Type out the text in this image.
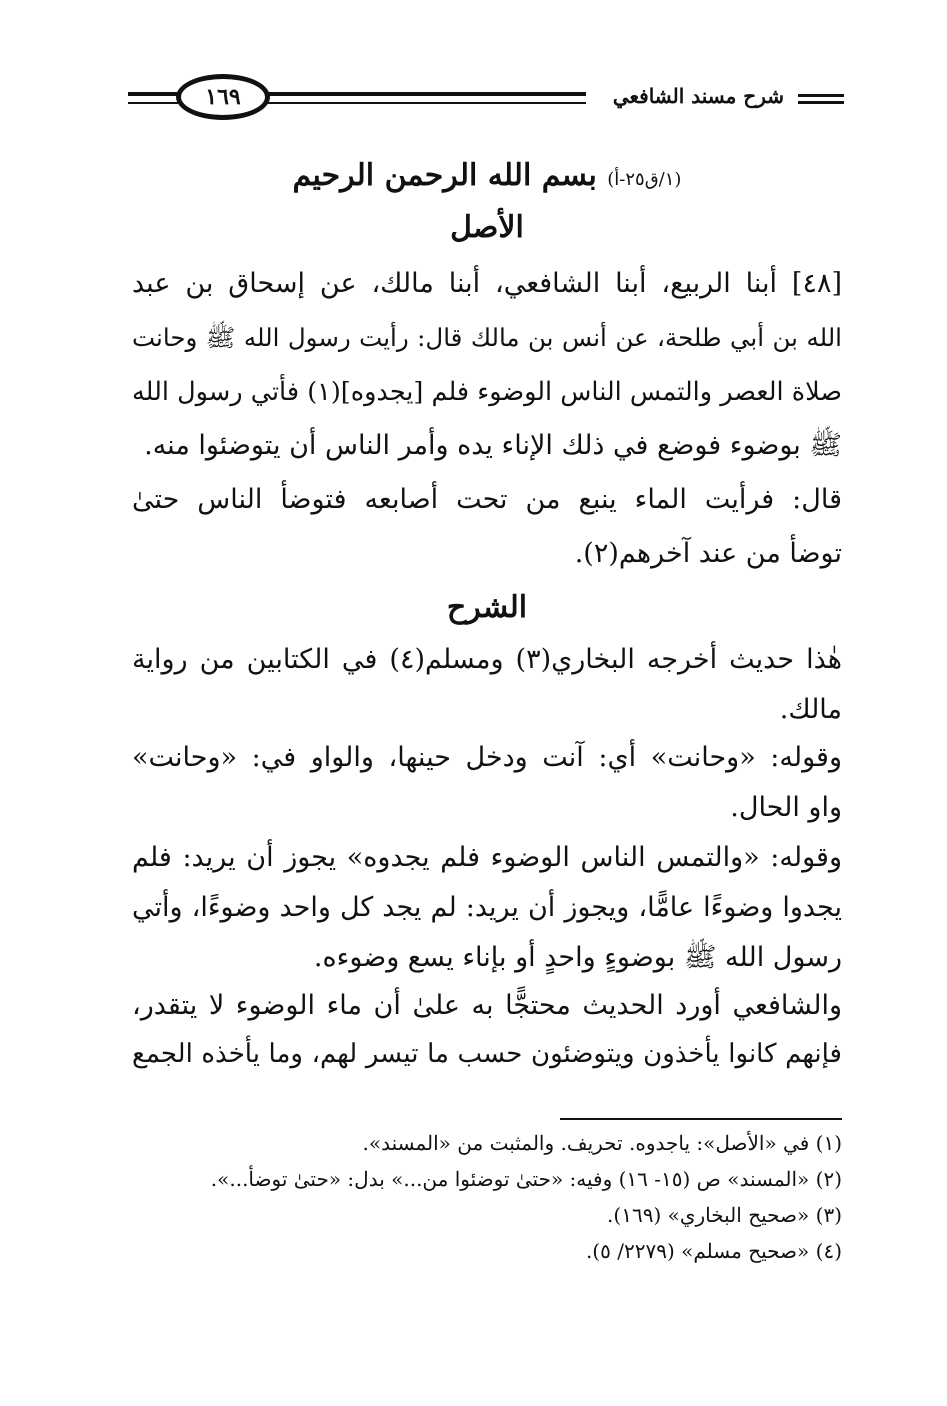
شرح مسند الشافعي
١٦٩
(١/ق٢٥-أ) بسم الله الرحمن الرحيم
الأصل
[٤٨] أبنا الربيع، أبنا الشافعي، أبنا مالك، عن إسحاق بن عبد
الله بن أبي طلحة، عن أنس بن مالك قال: رأيت رسول الله ﷺ وحانت
صلاة العصر والتمس الناس الوضوء فلم [يجدوه](١) فأتي رسول الله
ﷺ بوضوء فوضع في ذلك الإناء يده وأمر الناس أن يتوضئوا منه.
قال: فرأيت الماء ينبع من تحت أصابعه فتوضأ الناس حتىٰ
توضأ من عند آخرهم(٢).
الشرح
هٰذا حديث أخرجه البخاري(٣) ومسلم(٤) في الكتابين من رواية
مالك.
وقوله: «وحانت» أي: آنت ودخل حينها، والواو في: «وحانت»
واو الحال.
وقوله: «والتمس الناس الوضوء فلم يجدوه» يجوز أن يريد: فلم
يجدوا وضوءًا عامًّا، ويجوز أن يريد: لم يجد كل واحد وضوءًا، وأتي
رسول الله ﷺ بوضوءٍ واحدٍ أو بإناء يسع وضوءه.
والشافعي أورد الحديث محتجًّا به علىٰ أن ماء الوضوء لا يتقدر،
فإنهم كانوا يأخذون ويتوضئون حسب ما تيسر لهم، وما يأخذه الجمع
(١) في «الأصل»: ياجدوه. تحريف. والمثبت من «المسند».
(٢) «المسند» ص (١٥- ١٦) وفيه: «حتىٰ توضئوا من...» بدل: «حتىٰ توضأ...».
(٣) «صحيح البخاري» (١٦٩).
(٤) «صحيح مسلم» (٢٢٧٩/ ٥).
